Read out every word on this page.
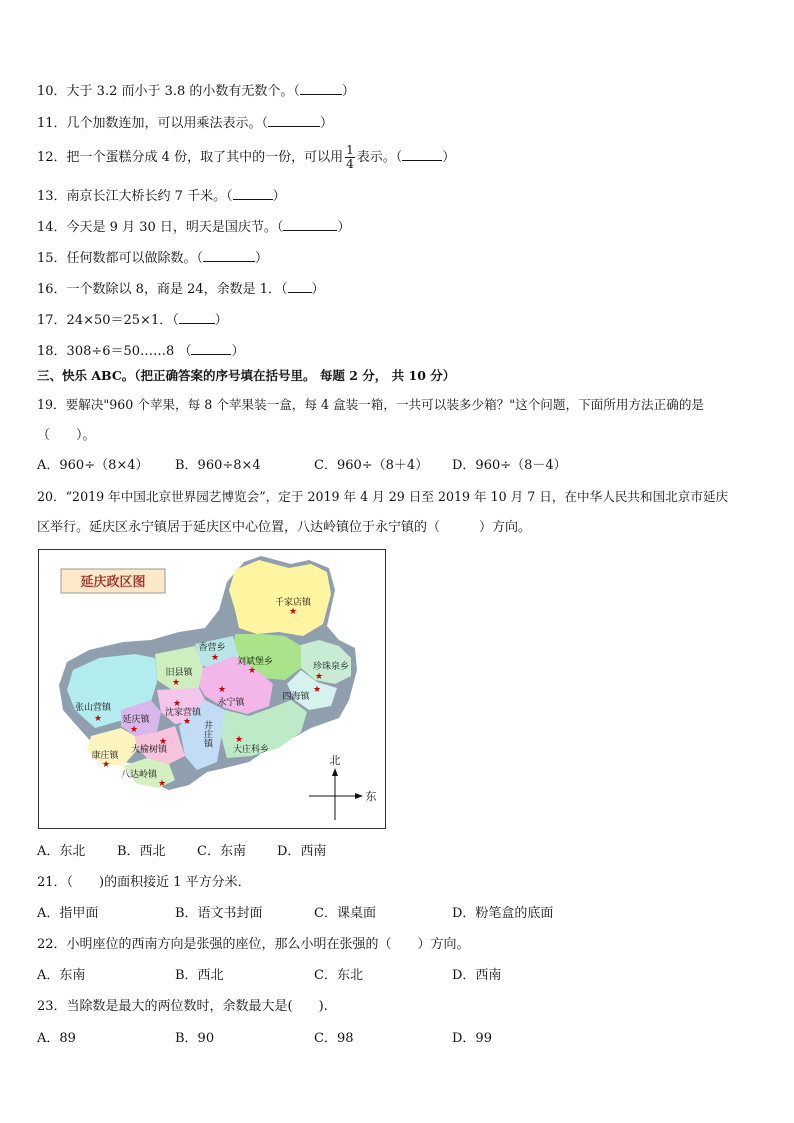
10．大于 3.2 而小于 3.8 的小数有无数个。（	）
11．几个加数连加，可以用乘法表示。（	）
12．把一个蛋糕分成 4 份，取了其中的一份，可以用 $\frac{1}{4}$ 表示。（	）
13．南京长江大桥长约 7 千米。（	）
14．今天是 9 月 30 日，明天是国庆节。（	）
15．任何数都可以做除数。（	）
16．一个数除以 8，商是 24，余数是 1．（ ）
17．24×50＝25×1．（	）
18．308÷6＝50……8 （	）
三、快乐 ABC。（把正确答案的序号填在括号里。 每题 2 分， 共 10 分）
19．要解决"960 个苹果，每 8 个苹果装一盒，每 4 盒装一箱，一共可以装多少箱？"这个问题，下面所用方法正确的是
（　　）。
A．960÷（8×4） B．960÷8×4	C．960÷（8＋4） D．960÷（8－4）
20．“2019 年中国北京世界园艺博览会”，定于 2019 年 4 月 29 日至 2019 年 10 月 7 日，在中华人民共和国北京市延庆
区举行。延庆区永宁镇居于延庆区中心位置，八达岭镇位于永宁镇的（　　　）方向。
延庆政区图
★
千家店镇
★
香营乡
★
刘斌堡乡
★
珍珠泉乡
★
旧县镇
★
四海镇
★
张山营镇
★
永宁镇
★
沈家营镇
★
延庆镇	★ 井庄镇
★
大榆树镇
★
大庄科乡
★
康庄镇
★
八达岭镇
北
东
A．东北 B．西北 C．东南 D．西南
21．（　　)的面积接近 1 平方分米．
A．指甲面	B．语文书封面	C．课桌面	D．粉笔盒的底面
22．小明座位的西南方向是张强的座位，那么小明在张强的（　　）方向。
A．东南	B．西北	C．东北	D．西南
23．当除数是最大的两位数时，余数最大是(　　).
A．89	B．90	C．98	D．99
